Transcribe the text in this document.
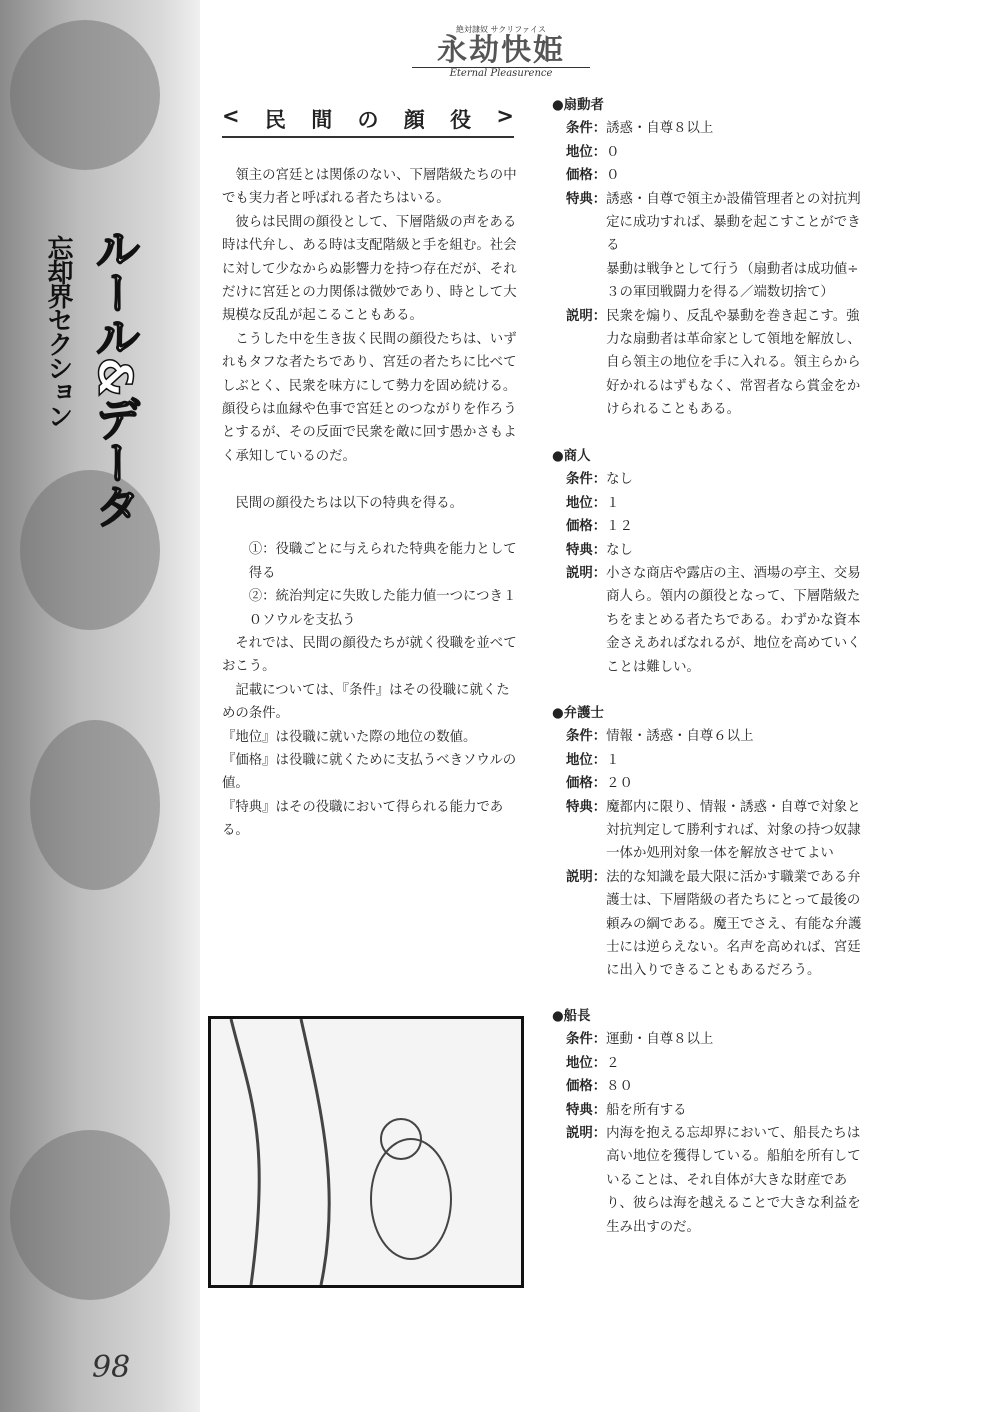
ルール&データ
忘却界セクション
98
絶対隷奴 サクリファイス
永劫快姫
Eternal Pleasurence
< 民 間 の 顔 役 >

領主の宮廷とは関係のない、下層階級たちの中でも実力者と呼ばれる者たちはいる。

彼らは民間の顔役として、下層階級の声をある時は代弁し、ある時は支配階級と手を組む。社会に対して少なからぬ影響力を持つ存在だが、それだけに宮廷との力関係は微妙であり、時として大規模な反乱が起こることもある。

こうした中を生き抜く民間の顔役たちは、いずれもタフな者たちであり、宮廷の者たちに比べてしぶとく、民衆を味方にして勢力を固め続ける。顔役らは血縁や色事で宮廷とのつながりを作ろうとするが、その反面で民衆を敵に回す愚かさもよく承知しているのだ。

民間の顔役たちは以下の特典を得る。

①：役職ごとに与えられた特典を能力として得る

②：統治判定に失敗した能力値一つにつき１０ソウルを支払う

それでは、民間の顔役たちが就く役職を並べておこう。

記載については、『条件』はその役職に就くための条件。

『地位』は役職に就いた際の地位の数値。

『価格』は役職に就くために支払うべきソウルの値。

『特典』はその役職において得られる能力である。

●扇動者
条件： 誘惑・自尊８以上
地位： ０
価格： ０
特典： 誘惑・自尊で領主か設備管理者との対抗判定に成功すれば、暴動を起こすことができる
暴動は戦争として行う（扇動者は成功値÷３の軍団戦闘力を得る／端数切捨て）
説明： 民衆を煽り、反乱や暴動を巻き起こす。強力な扇動者は革命家として領地を解放し、自ら領主の地位を手に入れる。領主らから好かれるはずもなく、常習者なら賞金をかけられることもある。
●商人
条件： なし
地位： １
価格： １２
特典： なし
説明： 小さな商店や露店の主、酒場の亭主、交易商人ら。領内の顔役となって、下層階級たちをまとめる者たちである。わずかな資本金さえあればなれるが、地位を高めていくことは難しい。
●弁護士
条件： 情報・誘惑・自尊６以上
地位： １
価格： ２０
特典： 魔都内に限り、情報・誘惑・自尊で対象と対抗判定して勝利すれば、対象の持つ奴隷一体か処刑対象一体を解放させてよい
説明： 法的な知識を最大限に活かす職業である弁護士は、下層階級の者たちにとって最後の頼みの綱である。魔王でさえ、有能な弁護士には逆らえない。名声を高めれば、宮廷に出入りできることもあるだろう。
●船長
条件： 運動・自尊８以上
地位： ２
価格： ８０
特典： 船を所有する
説明： 内海を抱える忘却界において、船長たちは高い地位を獲得している。船舶を所有していることは、それ自体が大きな財産であり、彼らは海を越えることで大きな利益を生み出すのだ。
